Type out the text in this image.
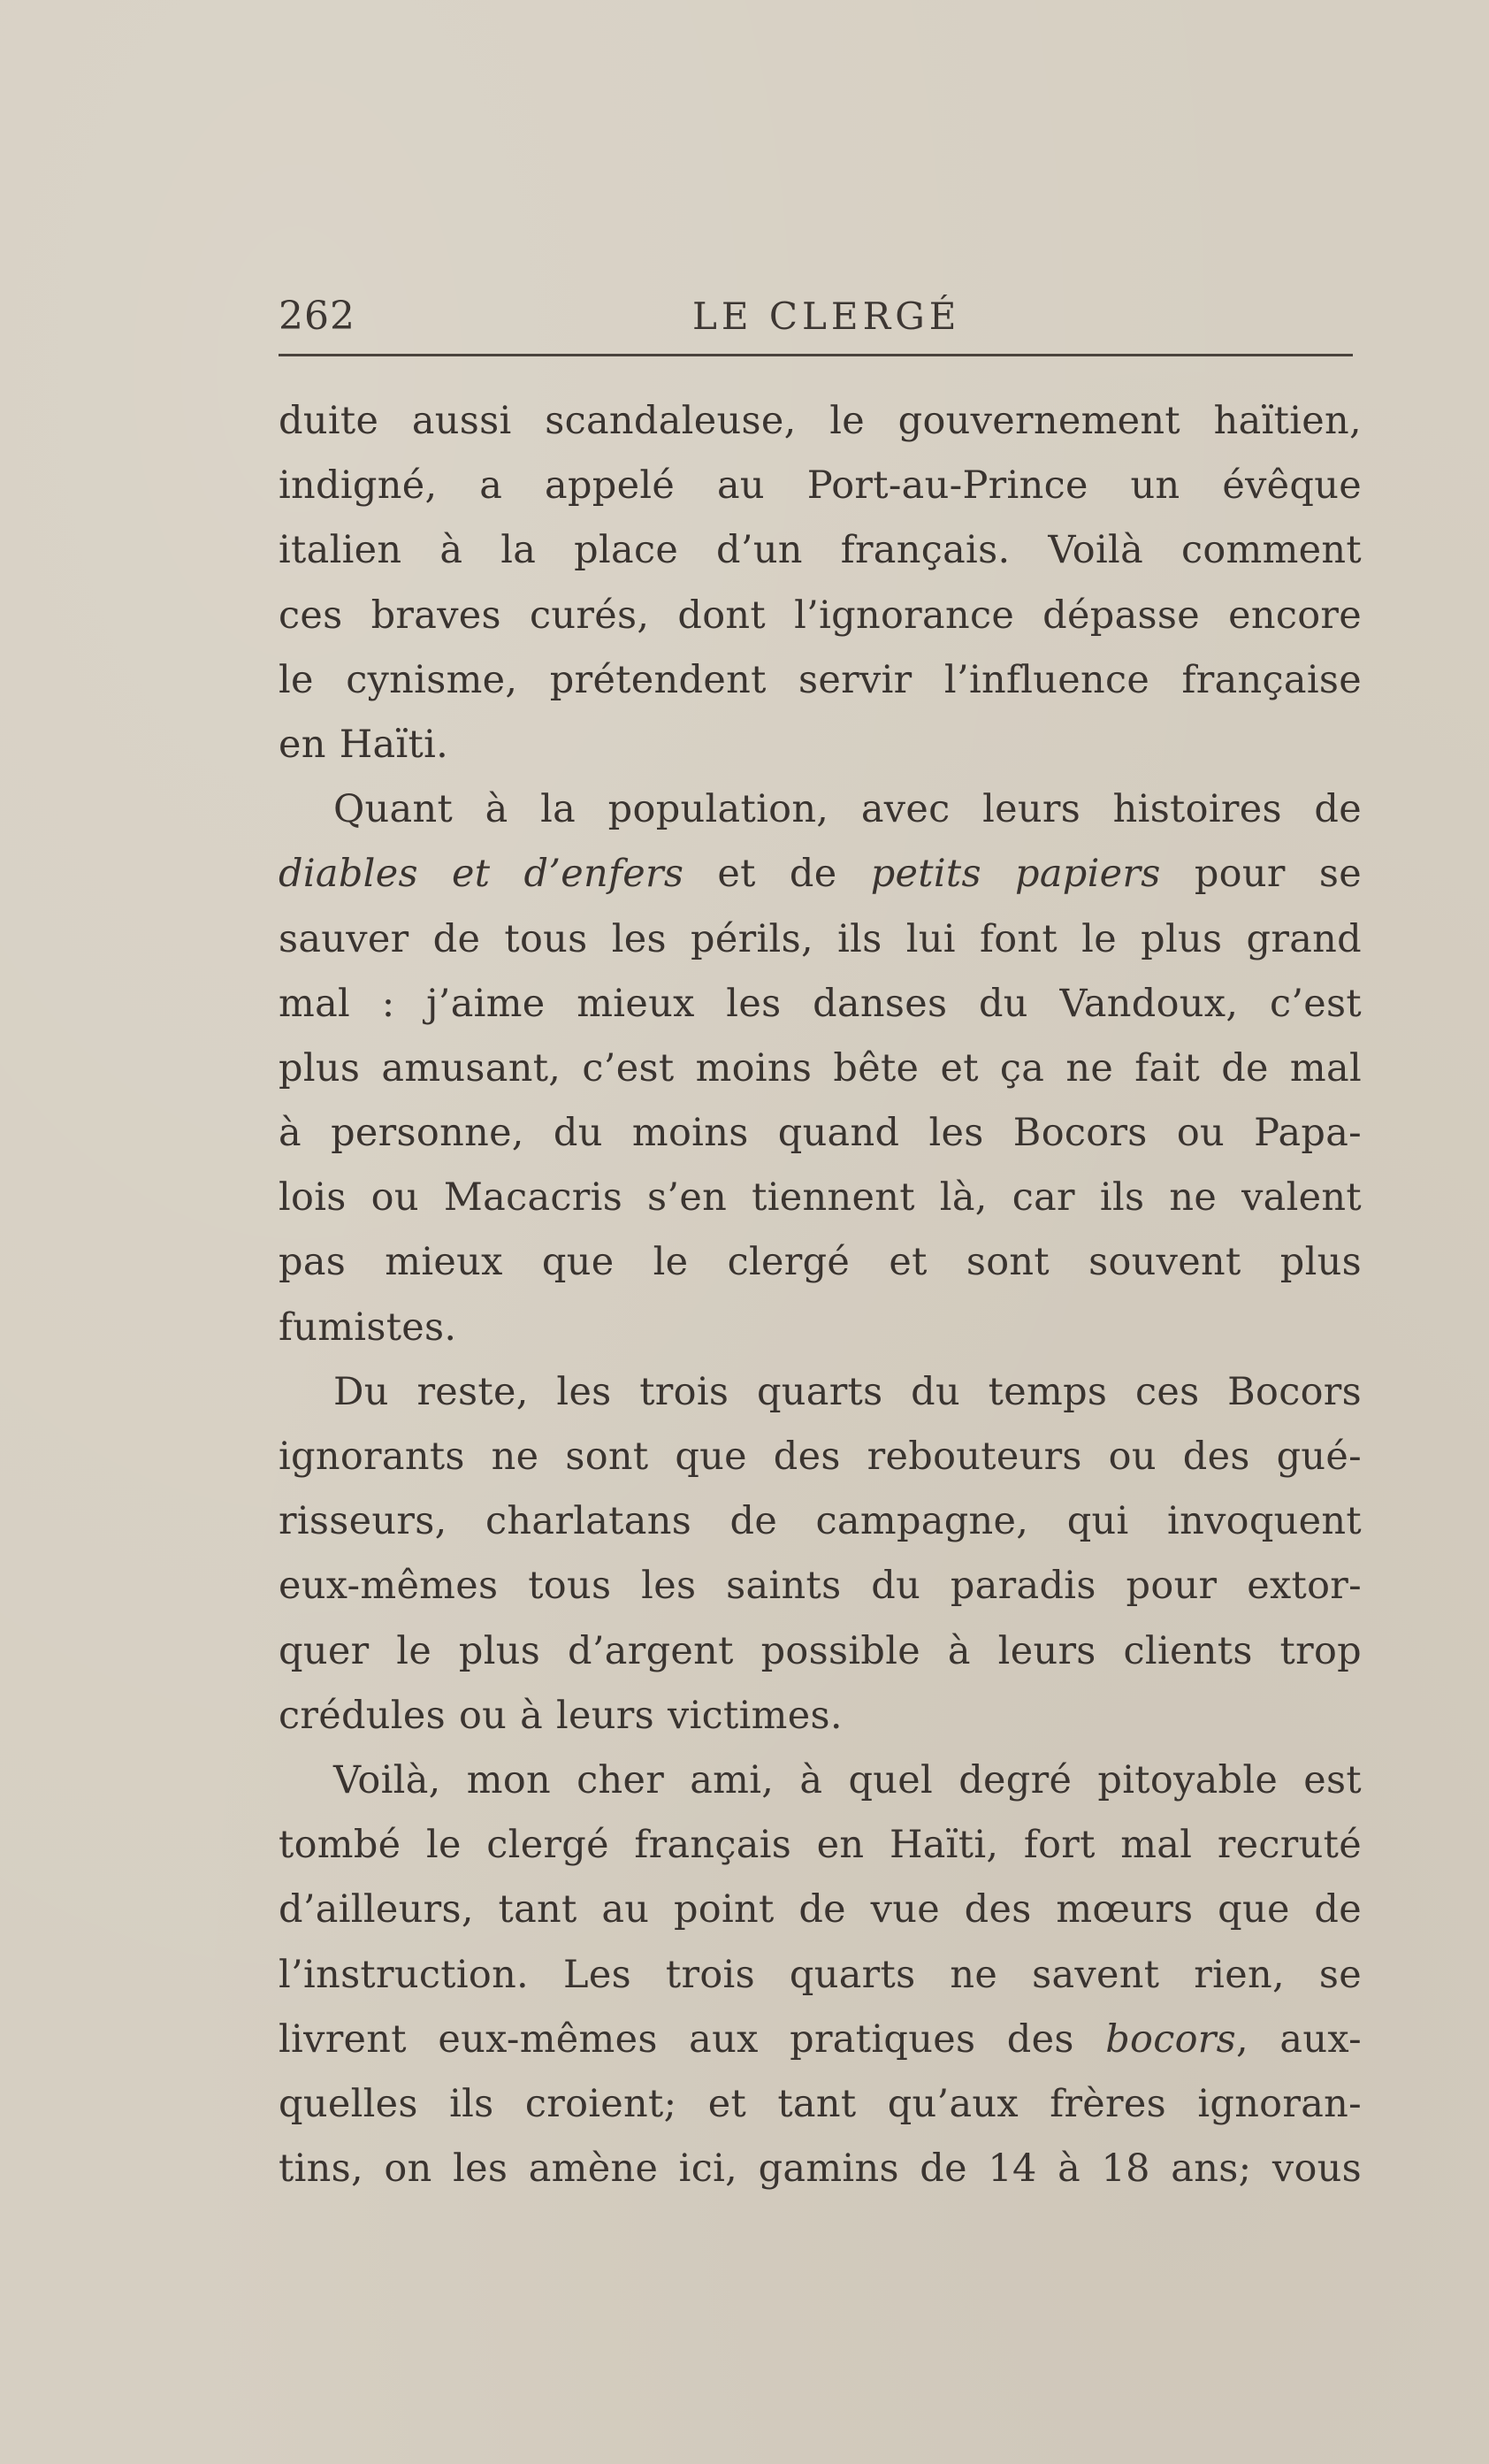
262	LE CLERGÉ
duite aussi scandaleuse, le gouvernement haïtien,
indigné, a appelé au Port-au-Prince un évêque
italien à la place d’un français. Voilà comment
ces braves curés, dont l’ignorance dépasse encore
le cynisme, prétendent servir l’influence française
en Haïti.
Quant à la population, avec leurs histoires de
diables et d’enfers et de petits papiers pour se
sauver de tous les périls, ils lui font le plus grand
mal : j’aime mieux les danses du Vandoux, c’est
plus amusant, c’est moins bête et ça ne fait de mal
à personne, du moins quand les Bocors ou Papa-
lois ou Macacris s’en tiennent là, car ils ne valent
pas mieux que le clergé et sont souvent plus
fumistes.
Du reste, les trois quarts du temps ces Bocors
ignorants ne sont que des rebouteurs ou des gué-
risseurs, charlatans de campagne, qui invoquent
eux-mêmes tous les saints du paradis pour extor-
quer le plus d’argent possible à leurs clients trop
crédules ou à leurs victimes.
Voilà, mon cher ami, à quel degré pitoyable est
tombé le clergé français en Haïti, fort mal recruté
d’ailleurs, tant au point de vue des mœurs que de
l’instruction. Les trois quarts ne savent rien, se
livrent eux-mêmes aux pratiques des bocors, aux-
quelles ils croient; et tant qu’aux frères ignoran-
tins, on les amène ici, gamins de 14 à 18 ans; vous
